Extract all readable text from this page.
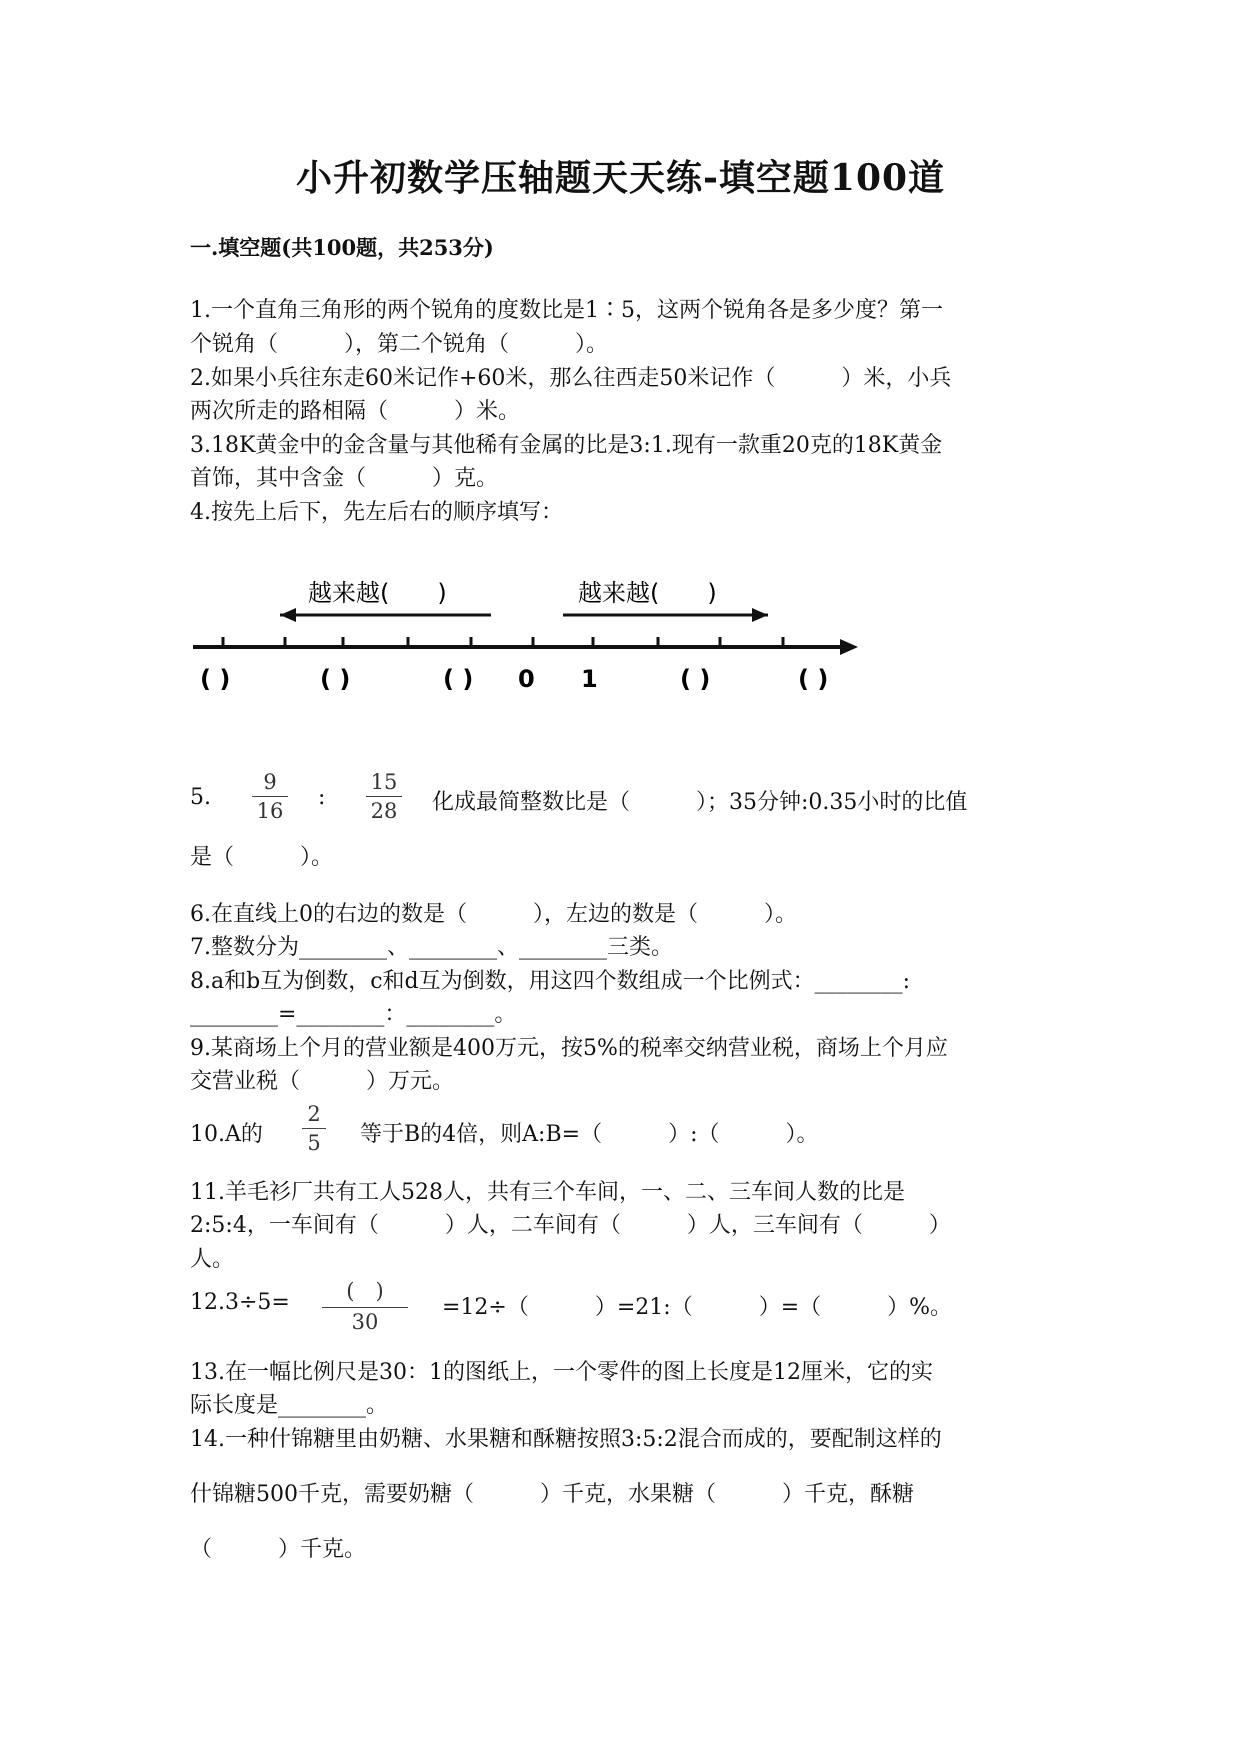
小升初数学压轴题天天练-填空题100道
一.填空题(共100题，共253分)
1.一个直角三角形的两个锐角的度数比是1∶5，这两个锐角各是多少度？第一
个锐角（　　　），第二个锐角（　　　）。
2.如果小兵往东走60米记作+60米，那么往西走50米记作（　　　）米，小兵
两次所走的路相隔（　　　）米。
3.18K黄金中的金含量与其他稀有金属的比是3:1.现有一款重20克的18K黄金
首饰，其中含金（　　　）克。
4.按先上后下，先左后右的顺序填写：
越来越(　　)	越来越(　　)
( )	( )	( ) 0 1	( )	( )
5.
9
16
:
15
28 化成最简整数比是（　　　）；35分钟:0.35小时的比值
是（　　　）。
6.在直线上0的右边的数是（　　　），左边的数是（　　　）。
7.整数分为________、________、________三类。
8.a和b互为倒数，c和d互为倒数，用这四个数组成一个比例式：________:
________=________：________。
9.某商场上个月的营业额是400万元，按5%的税率交纳营业税，商场上个月应
交营业税（　　　）万元。
10.A的
2
5 等于B的4倍，则A:B=（　　　）:（　　　）。
11.羊毛衫厂共有工人528人，共有三个车间，一、二、三车间人数的比是
2:5:4，一车间有（　　　）人，二车间有（　　　）人，三车间有（　　　）
人。
12.3÷5=	(　)
30
=12÷（　　　）=21:（　　　）=（　　　）%。
13.在一幅比例尺是30：1的图纸上，一个零件的图上长度是12厘米，它的实
际长度是________。
14.一种什锦糖里由奶糖、水果糖和酥糖按照3:5:2混合而成的，要配制这样的
什锦糖500千克，需要奶糖（　　　）千克，水果糖（　　　）千克，酥糖
（　　　）千克。
